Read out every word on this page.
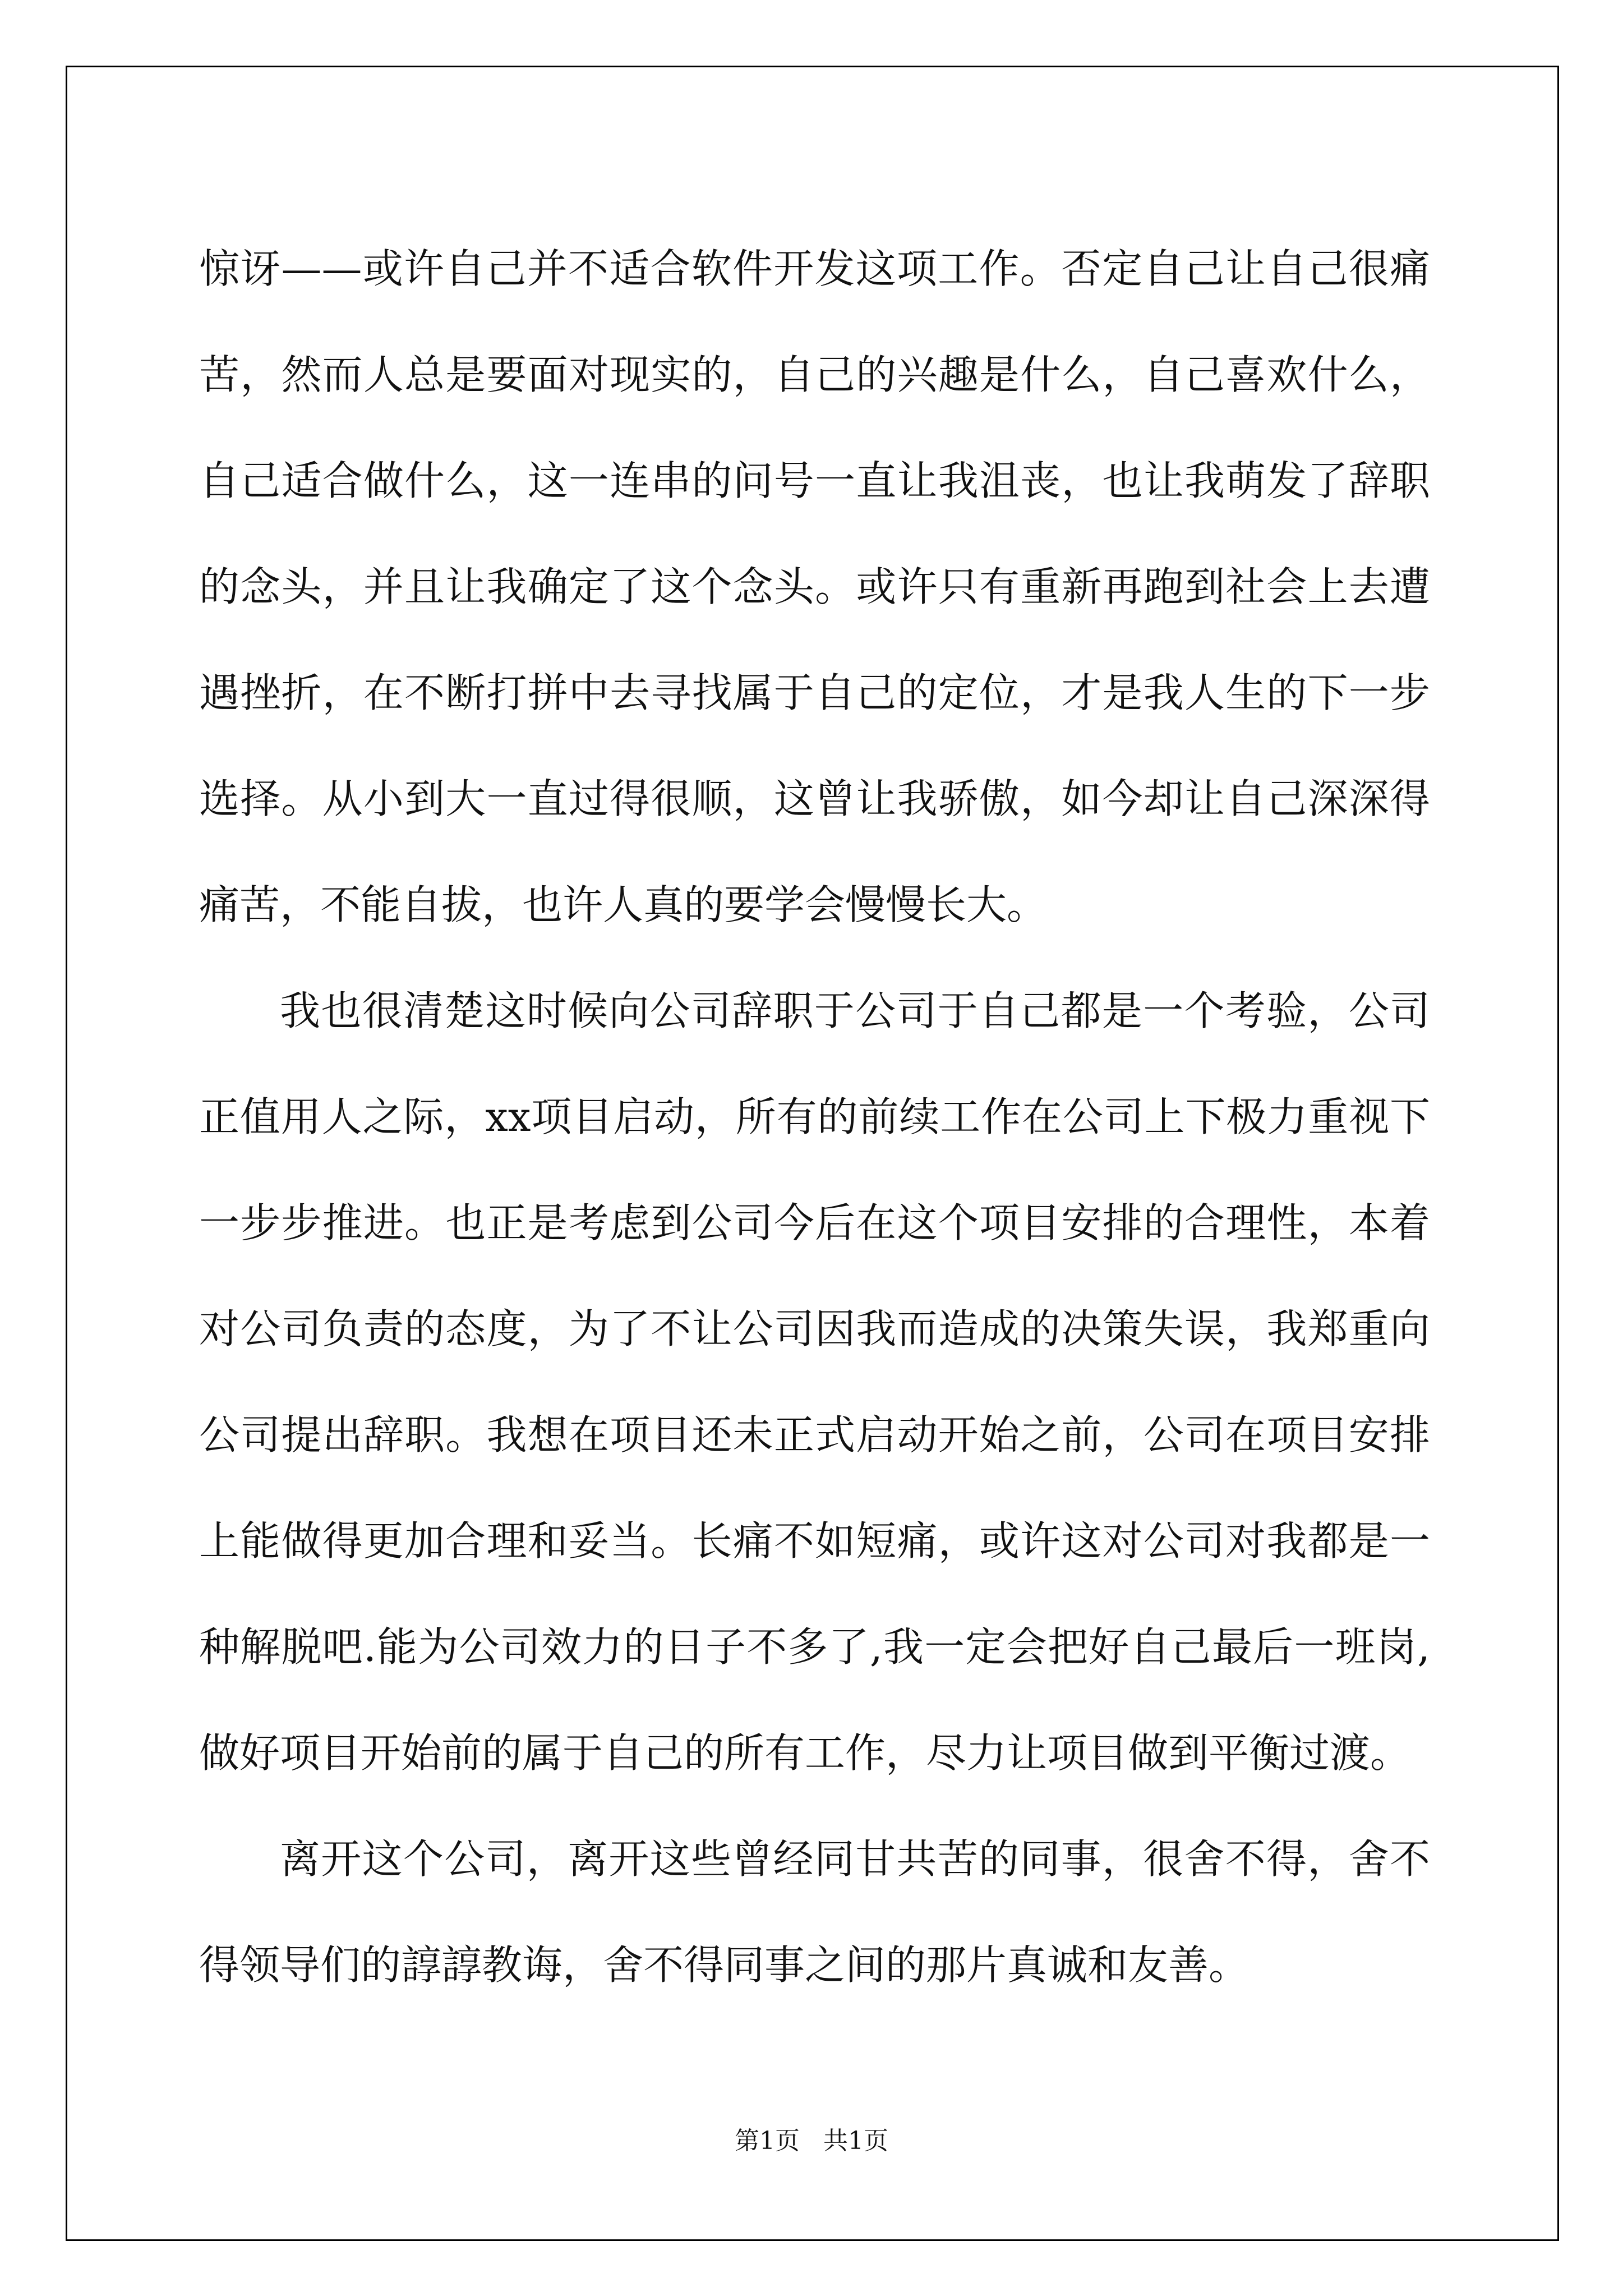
惊讶——或许自己并不适合软件开发这项工作。否定自己让自己很痛苦，然而人总是要面对现实的，自己的兴趣是什么，自己喜欢什么，自己适合做什么，这一连串的问号一直让我沮丧，也让我萌发了辞职的念头，并且让我确定了这个念头。或许只有重新再跑到社会上去遭遇挫折，在不断打拼中去寻找属于自己的定位，才是我人生的下一步选择。从小到大一直过得很顺，这曾让我骄傲，如今却让自己深深得痛苦，不能自拔，也许人真的要学会慢慢长大。

我也很清楚这时候向公司辞职于公司于自己都是一个考验，公司正值用人之际，xx项目启动，所有的前续工作在公司上下极力重视下一步步推进。也正是考虑到公司今后在这个项目安排的合理性，本着对公司负责的态度，为了不让公司因我而造成的决策失误，我郑重向公司提出辞职。我想在项目还未正式启动开始之前，公司在项目安排上能做得更加合理和妥当。长痛不如短痛，或许这对公司对我都是一种解脱吧.能为公司效力的日子不多了,我一定会把好自己最后一班岗,做好项目开始前的属于自己的所有工作，尽力让项目做到平衡过渡。

离开这个公司，离开这些曾经同甘共苦的同事，很舍不得，舍不得领导们的諄諄教诲，舍不得同事之间的那片真诚和友善。

第1页   共1页
